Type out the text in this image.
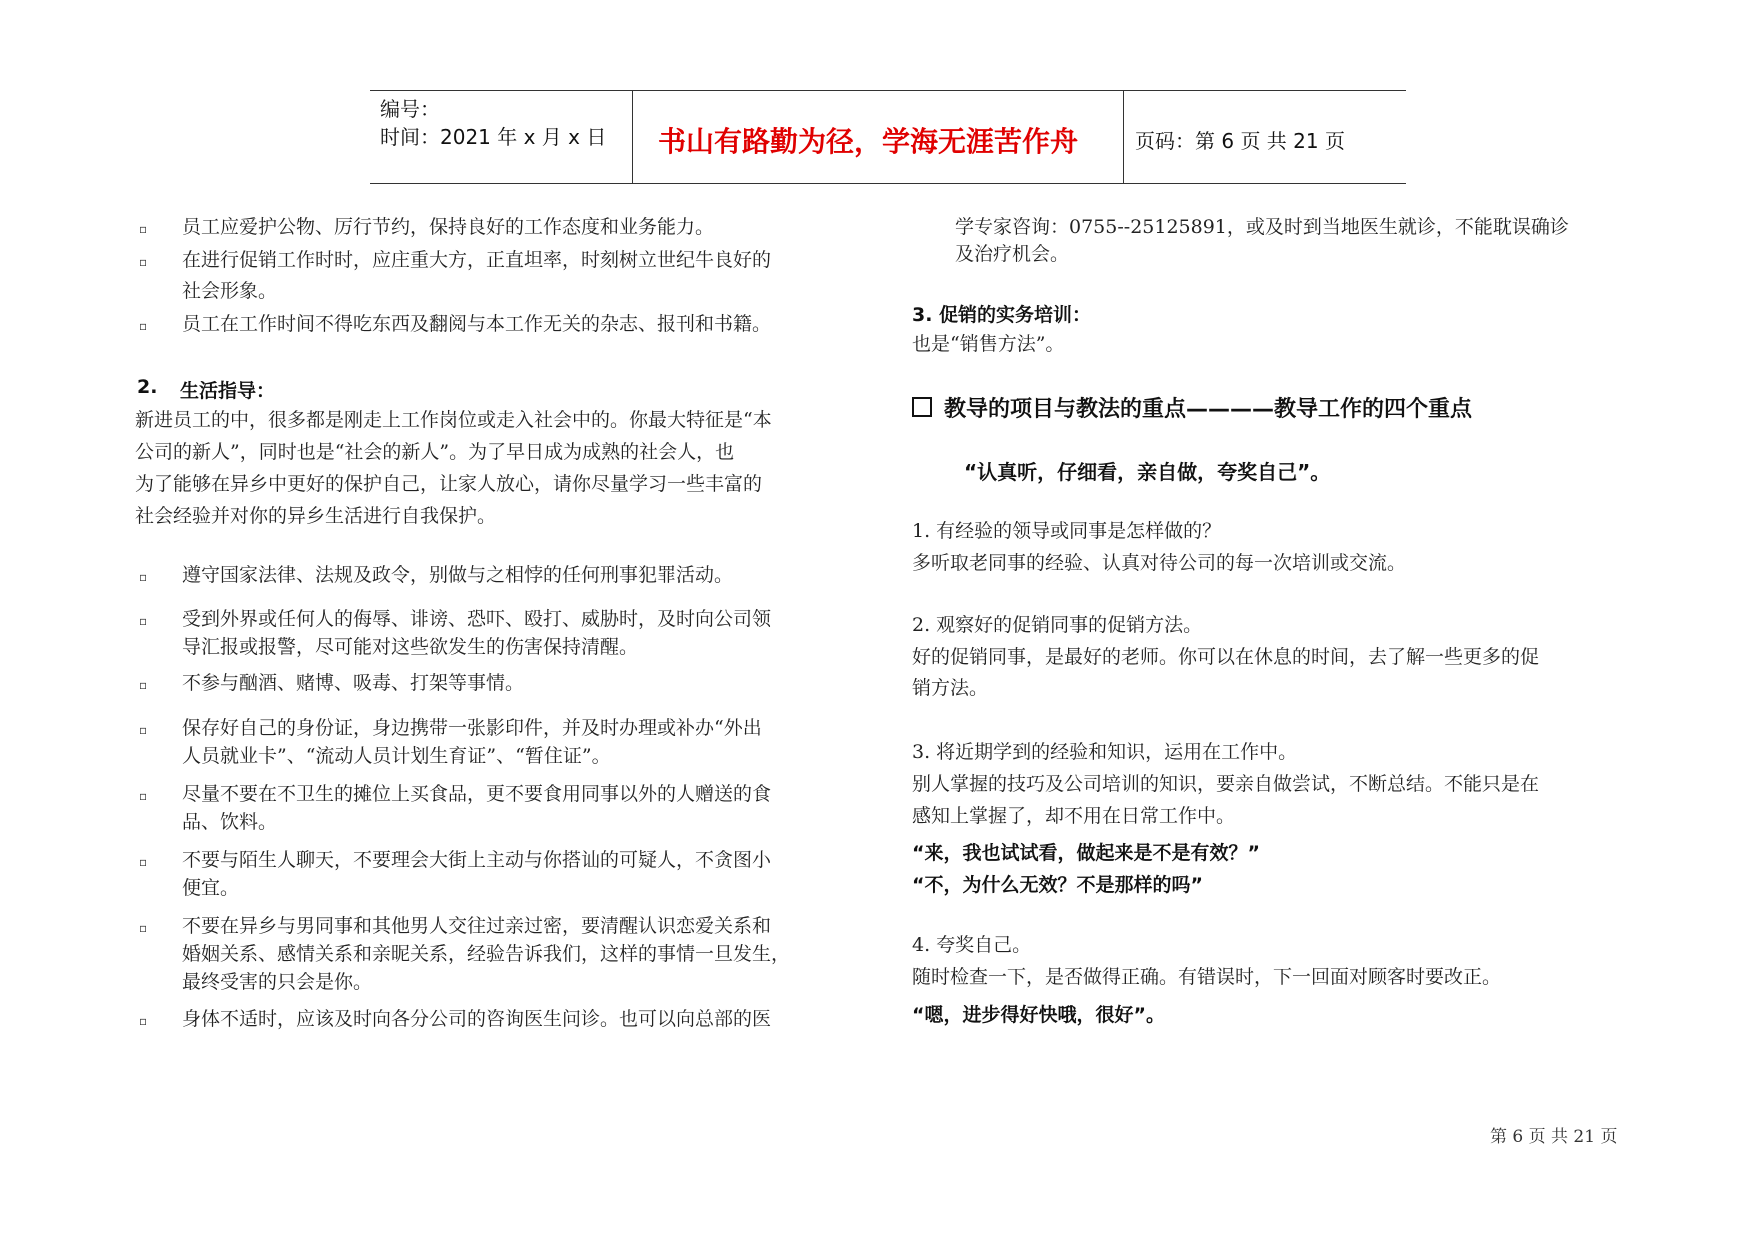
编号：
时间：2021 年 x 月 x 日 书山有路勤为径，学海无涯苦作舟	页码：第 6 页 共 21 页
▫ 员工应爱护公物、厉行节约，保持良好的工作态度和业务能力。
▫ 在进行促销工作时时，应庄重大方，正直坦率，时刻树立世纪牛良好的
社会形象。
▫ 员工在工作时间不得吃东西及翻阅与本工作无关的杂志、报刊和书籍。
2. 生活指导：
新进员工的中，很多都是刚走上工作岗位或走入社会中的。你最大特征是“本
公司的新人”，同时也是“社会的新人”。为了早日成为成熟的社会人，也
为了能够在异乡中更好的保护自己，让家人放心，请你尽量学习一些丰富的
社会经验并对你的异乡生活进行自我保护。
▫ 遵守国家法律、法规及政令，别做与之相悖的任何刑事犯罪活动。
▫ 受到外界或任何人的侮辱、诽谤、恐吓、殴打、威胁时，及时向公司领
导汇报或报警，尽可能对这些欲发生的伤害保持清醒。
▫ 不参与酗酒、赌博、吸毒、打架等事情。
▫ 保存好自己的身份证，身边携带一张影印件，并及时办理或补办“外出
人员就业卡”、“流动人员计划生育证”、“暂住证”。
▫ 尽量不要在不卫生的摊位上买食品，更不要食用同事以外的人赠送的食
品、饮料。
▫ 不要与陌生人聊天，不要理会大街上主动与你搭讪的可疑人，不贪图小
便宜。
▫ 不要在异乡与男同事和其他男人交往过亲过密，要清醒认识恋爱关系和
婚姻关系、感情关系和亲昵关系，经验告诉我们，这样的事情一旦发生，
最终受害的只会是你。
▫ 身体不适时，应该及时向各分公司的咨询医生问诊。也可以向总部的医
学专家咨询：0755--25125891，或及时到当地医生就诊，不能耽误确诊
及治疗机会。
3. 促销的实务培训：
也是“销售方法”。
教导的项目与教法的重点————教导工作的四个重点
“认真听，仔细看，亲自做，夸奖自己”。
1. 有经验的领导或同事是怎样做的？
多听取老同事的经验、认真对待公司的每一次培训或交流。
2. 观察好的促销同事的促销方法。
好的促销同事，是最好的老师。你可以在休息的时间，去了解一些更多的促
销方法。
3. 将近期学到的经验和知识，运用在工作中。
别人掌握的技巧及公司培训的知识，要亲自做尝试，不断总结。不能只是在
感知上掌握了，却不用在日常工作中。
“来，我也试试看，做起来是不是有效？”
“不，为什么无效？不是那样的吗”
4. 夸奖自己。
随时检查一下，是否做得正确。有错误时，下一回面对顾客时要改正。
“嗯，进步得好快哦，很好”。
第 6 页 共 21 页
